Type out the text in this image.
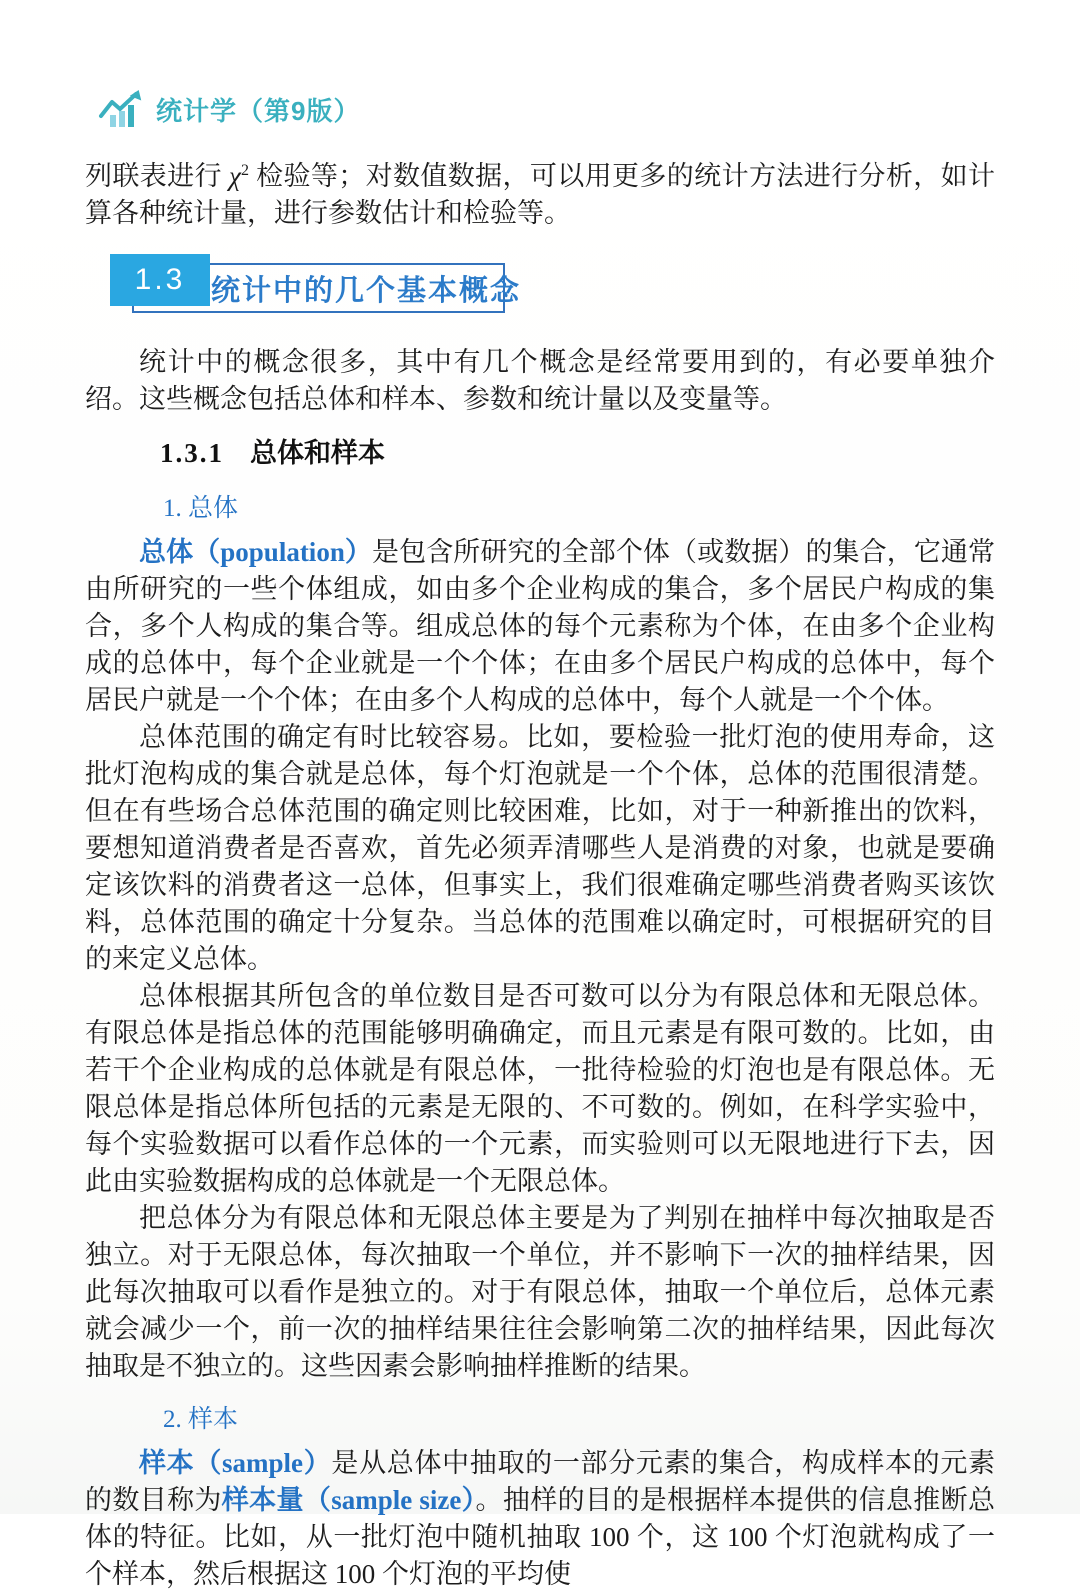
统计学（第9版）

列联表进行 $\chi^2$ 检验等；对数值数据，可以用更多的统计方法进行分析，如计算各种统计量，进行参数估计和检验等。

1.3 统计中的几个基本概念

统计中的概念很多，其中有几个概念是经常要用到的，有必要单独介绍。这些概念包括总体和样本、参数和统计量以及变量等。

1.3.1 总体和样本
1. 总体

总体（population）是包含所研究的全部个体（或数据）的集合，它通常由所研究的一些个体组成，如由多个企业构成的集合，多个居民户构成的集合，多个人构成的集合等。组成总体的每个元素称为个体，在由多个企业构成的总体中，每个企业就是一个个体；在由多个居民户构成的总体中，每个居民户就是一个个体；在由多个人构成的总体中，每个人就是一个个体。

总体范围的确定有时比较容易。比如，要检验一批灯泡的使用寿命，这批灯泡构成的集合就是总体，每个灯泡就是一个个体，总体的范围很清楚。但在有些场合总体范围的确定则比较困难，比如，对于一种新推出的饮料，要想知道消费者是否喜欢，首先必须弄清哪些人是消费的对象，也就是要确定该饮料的消费者这一总体，但事实上，我们很难确定哪些消费者购买该饮料，总体范围的确定十分复杂。当总体的范围难以确定时，可根据研究的目的来定义总体。

总体根据其所包含的单位数目是否可数可以分为有限总体和无限总体。有限总体是指总体的范围能够明确确定，而且元素是有限可数的。比如，由若干个企业构成的总体就是有限总体，一批待检验的灯泡也是有限总体。无限总体是指总体所包括的元素是无限的、不可数的。例如，在科学实验中，每个实验数据可以看作总体的一个元素，而实验则可以无限地进行下去，因此由实验数据构成的总体就是一个无限总体。

把总体分为有限总体和无限总体主要是为了判别在抽样中每次抽取是否独立。对于无限总体，每次抽取一个单位，并不影响下一次的抽样结果，因此每次抽取可以看作是独立的。对于有限总体，抽取一个单位后，总体元素就会减少一个，前一次的抽样结果往往会影响第二次的抽样结果，因此每次抽取是不独立的。这些因素会影响抽样推断的结果。

2. 样本

样本（sample）是从总体中抽取的一部分元素的集合，构成样本的元素的数目称为样本量（sample size）。抽样的目的是根据样本提供的信息推断总体的特征。比如，从一批灯泡中随机抽取 100 个，这 100 个灯泡就构成了一个样本，然后根据这 100 个灯泡的平均使
